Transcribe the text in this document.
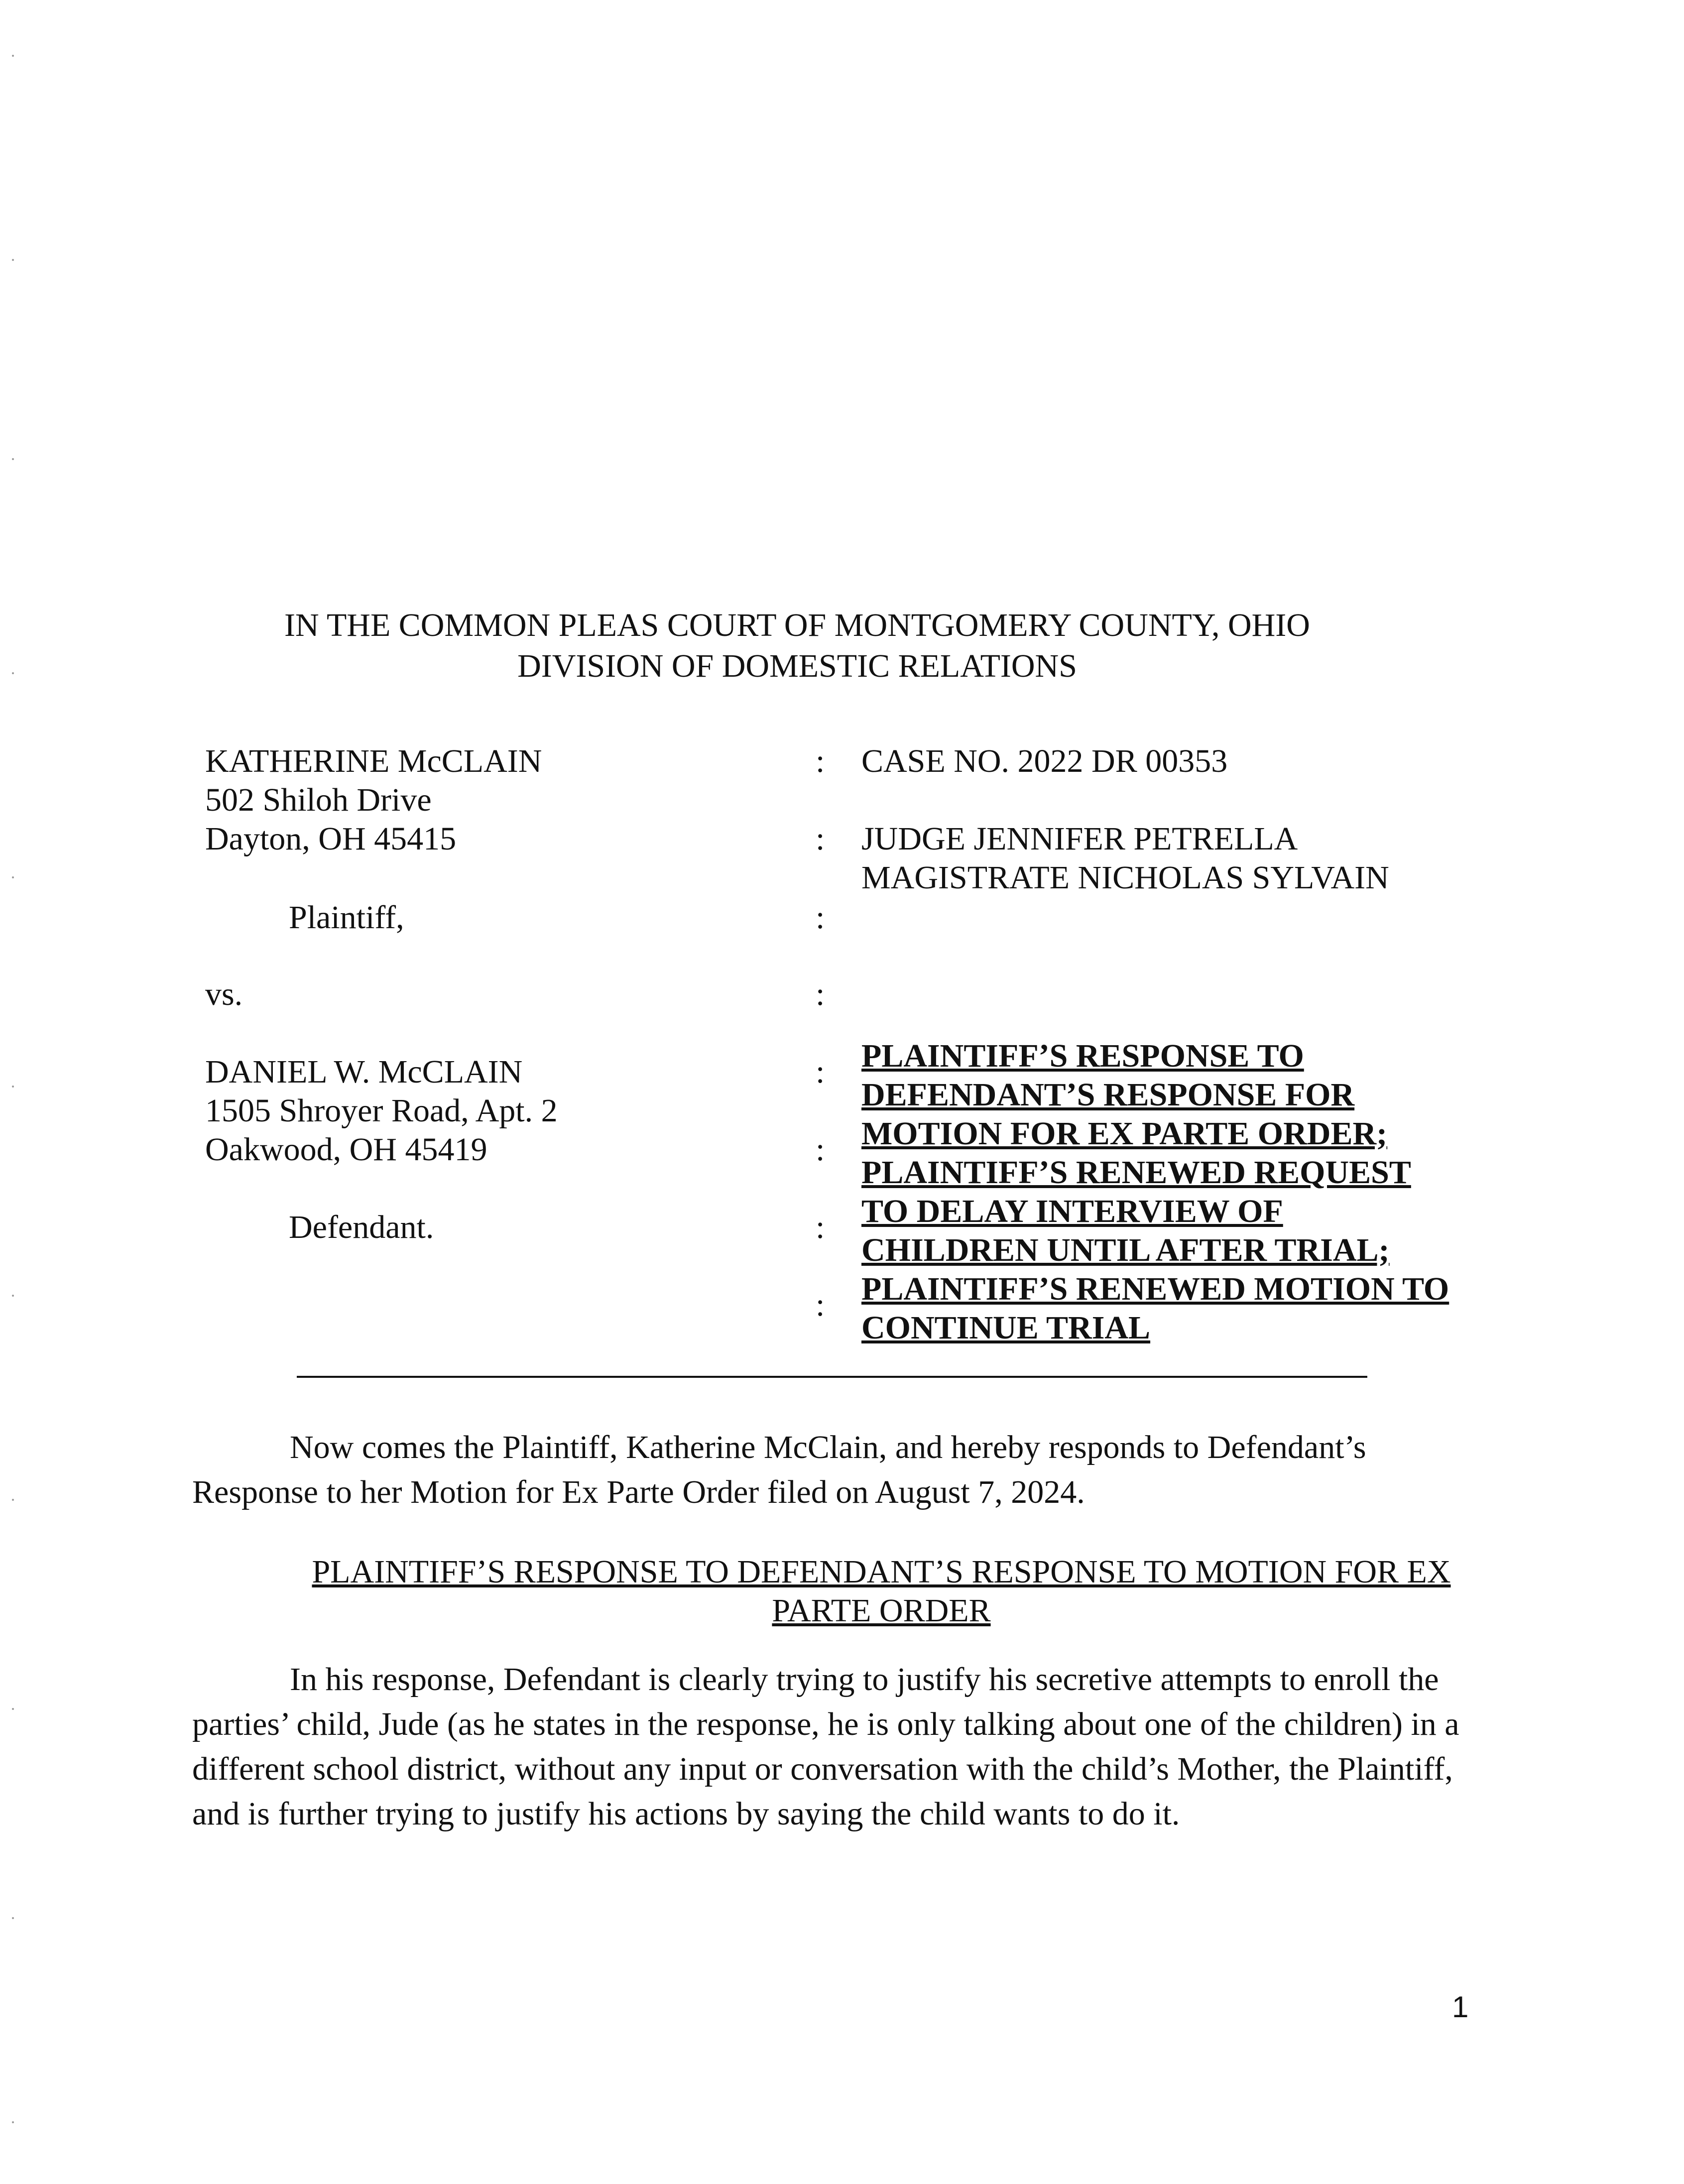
IN THE COMMON PLEAS COURT OF MONTGOMERY COUNTY, OHIO
DIVISION OF DOMESTIC RELATIONS
KATHERINE McCLAIN
502 Shiloh Drive
Dayton, OH 45415
Plaintiff,
vs.
DANIEL W. McCLAIN
1505 Shroyer Road, Apt. 2
Oakwood, OH 45419
Defendant.
:
:
:
:
:
:
:
:
CASE NO. 2022 DR 00353
JUDGE JENNIFER PETRELLA
MAGISTRATE NICHOLAS SYLVAIN
PLAINTIFF’S RESPONSE TO
DEFENDANT’S RESPONSE FOR
MOTION FOR EX PARTE ORDER;
PLAINTIFF’S RENEWED REQUEST
TO DELAY INTERVIEW OF
CHILDREN UNTIL AFTER TRIAL;
PLAINTIFF’S RENEWED MOTION TO
CONTINUE TRIAL
Now comes the Plaintiff, Katherine McClain, and hereby responds to Defendant’s
Response to her Motion for Ex Parte Order filed on August 7, 2024.
PLAINTIFF’S RESPONSE TO DEFENDANT’S RESPONSE TO MOTION FOR EX
PARTE ORDER
In his response, Defendant is clearly trying to justify his secretive attempts to enroll the
parties’ child, Jude (as he states in the response, he is only talking about one of the children) in a
different school district, without any input or conversation with the child’s Mother, the Plaintiff,
and is further trying to justify his actions by saying the child wants to do it.
1
